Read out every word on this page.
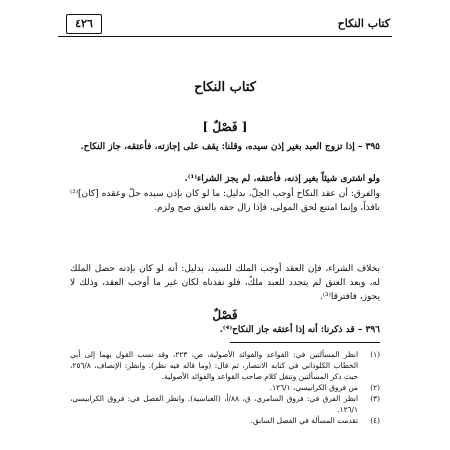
٤٢٦	كتاب النكاح
كتاب النكاح
[ فَصْلٌ ]
٣٩٥ – إذا تزوج العبد بغير إذن سيده، وقلنا: يقف على إجازته، فأعتقه، جاز النكاح.
ولو اشترى شيئاً بغير إذنه، فأعتقه، لم يجز الشراء⁽¹⁾.
والفرق: أن عقد النكاح أوجب الحِلّ، بدليل: ما لو كان بإذن سيده حلّ وعقده [كان]⁽²⁾ نافذاً، وإنما امتنع لحق المولى، فإذا زال حقه بالعتق صح ولزم.
بخلاف الشراء، فإن العقد أوجب الملك للسيد، بدليل: أنه لو كان بإذنه حصل الملك له، وبعد العتق لم يتجدد للعبد ملكٌ، فلو نفذناه لكان غير ما أوجب العقد، وذلك لا يجوز، فافترقا⁽³⁾.
فَصْلٌ
٣٩٦ – قد ذكرنا: أنه إذا أعتقه جاز النكاح⁽⁴⁾.
(١)
انظر المسألتين في: القواعد والفوائد الأصولية، ص، ٢٢٣، وقد نسب القول بهما إلى أبي الخطاب الكلوذاني في كتابه الانتصار، ثم قال: (وما قاله فيه نظر). وانظر: الإنصاف، ٢٥٦/٨، حيث ذكر المسألتين وتنقل كلام صاحب القواعد والفوائد الأصولية.
(٢)
من فروق الكرابيسي، ١٢٦/١.
(٣)
انظر الفرق في: فروق السامري، ق، ٨٨/أ، (العباسية). وانظر الفصل في: فروق الكرابيسي، ١٢٦/١.
(٤)
تقدمت المسألة في الفصل السابق.
